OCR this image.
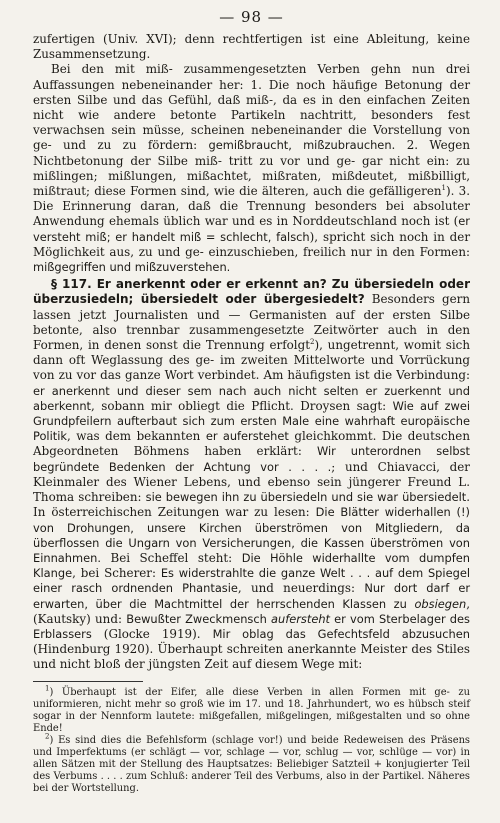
— 98 —

zufertigen (Univ. XVI); denn rechtfertigen ist eine Ableitung, keine Zusammensetzung.

Bei den mit miß- zusammengesetzten Verben gehn nun drei Auffassungen nebeneinander her: 1. Die noch häufige Betonung der ersten Silbe und das Gefühl, daß miß-, da es in den einfachen Zeiten nicht wie andere betonte Partikeln nachtritt, besonders fest verwachsen sein müsse, scheinen nebeneinander die Vorstellung von ge- und zu zu fördern: gemißbraucht, mißzubrauchen. 2. Wegen Nichtbetonung der Silbe miß- tritt zu vor und ge- gar nicht ein: zu mißlingen; mißlungen, mißachtet, mißraten, mißdeutet, mißbilligt, mißtraut; diese Formen sind, wie die älteren, auch die gefälligeren$^1$). 3. Die Erinnerung daran, daß die Trennung besonders bei absoluter Anwendung ehemals üblich war und es in Norddeutschland noch ist (er versteht miß; er handelt miß = schlecht, falsch), spricht sich noch in der Möglichkeit aus, zu und ge- einzuschieben, freilich nur in den Formen: mißgegriffen und mißzuverstehen.

§ 117. Er anerkennt oder er erkennt an? Zu übersiedeln oder überzusiedeln; übersiedelt oder übergesiedelt? Besonders gern lassen jetzt Journalisten und — Germanisten auf der ersten Silbe betonte, also trennbar zusammengesetzte Zeitwörter auch in den Formen, in denen sonst die Trennung erfolgt$^2$), ungetrennt, womit sich dann oft Weglassung des ge- im zweiten Mittelworte und Vorrückung von zu vor das ganze Wort verbindet. Am häufigsten ist die Verbindung: er anerkennt und dieser sem nach auch nicht selten er zuerkennt und aberkennt, sobann mir obliegt die Pflicht. Droysen sagt: Wie auf zwei Grundpfeilern aufterbaut sich zum ersten Male eine wahrhaft europäische Politik, was dem bekannten er auferstehet gleichkommt. Die deutschen Abgeordneten Böhmens haben erklärt: Wir unterordnen selbst begründete Bedenken der Achtung vor . . . .; und Chiavacci, der Kleinmaler des Wiener Lebens, und ebenso sein jüngerer Freund L. Thoma schreiben: sie bewegen ihn zu übersiedeln und sie war übersiedelt. In österreichischen Zeitungen war zu lesen: Die Blätter widerhallen (!) von Drohungen, unsere Kirchen überströmen von Mitgliedern, da überflossen die Ungarn von Versicherungen, die Kassen überströmen von Einnahmen. Bei Scheffel steht: Die Höhle widerhallte vom dumpfen Klange, bei Scherer: Es widerstrahlte die ganze Welt . . . auf dem Spiegel einer rasch ordnenden Phantasie, und neuerdings: Nur dort darf er erwarten, über die Machtmittel der herrschenden Klassen zu obsiegen, (Kautsky) und: Bewußter Zweckmensch aufersteht er vom Sterbelager des Erblassers (Glocke 1919). Mir oblag das Gefechtsfeld abzusuchen (Hindenburg 1920). Überhaupt schreiten anerkannte Meister des Stiles und nicht bloß der jüngsten Zeit auf diesem Wege mit:

$^1$) Überhaupt ist der Eifer, alle diese Verben in allen Formen mit ge- zu uniformieren, nicht mehr so groß wie im 17. und 18. Jahrhundert, wo es hübsch steif sogar in der Nennform lautete: mißgefallen, mißgelingen, mißgestalten und so ohne Ende!

$^2$) Es sind dies die Befehlsform (schlage vor!) und beide Redeweisen des Präsens und Imperfektums (er schlägt — vor, schlage — vor, schlug — vor, schlüge — vor) in allen Sätzen mit der Stellung des Hauptsatzes: Beliebiger Satzteil + konjugierter Teil des Verbums . . . . zum Schluß: anderer Teil des Verbums, also in der Partikel. Näheres bei der Wortstellung.
